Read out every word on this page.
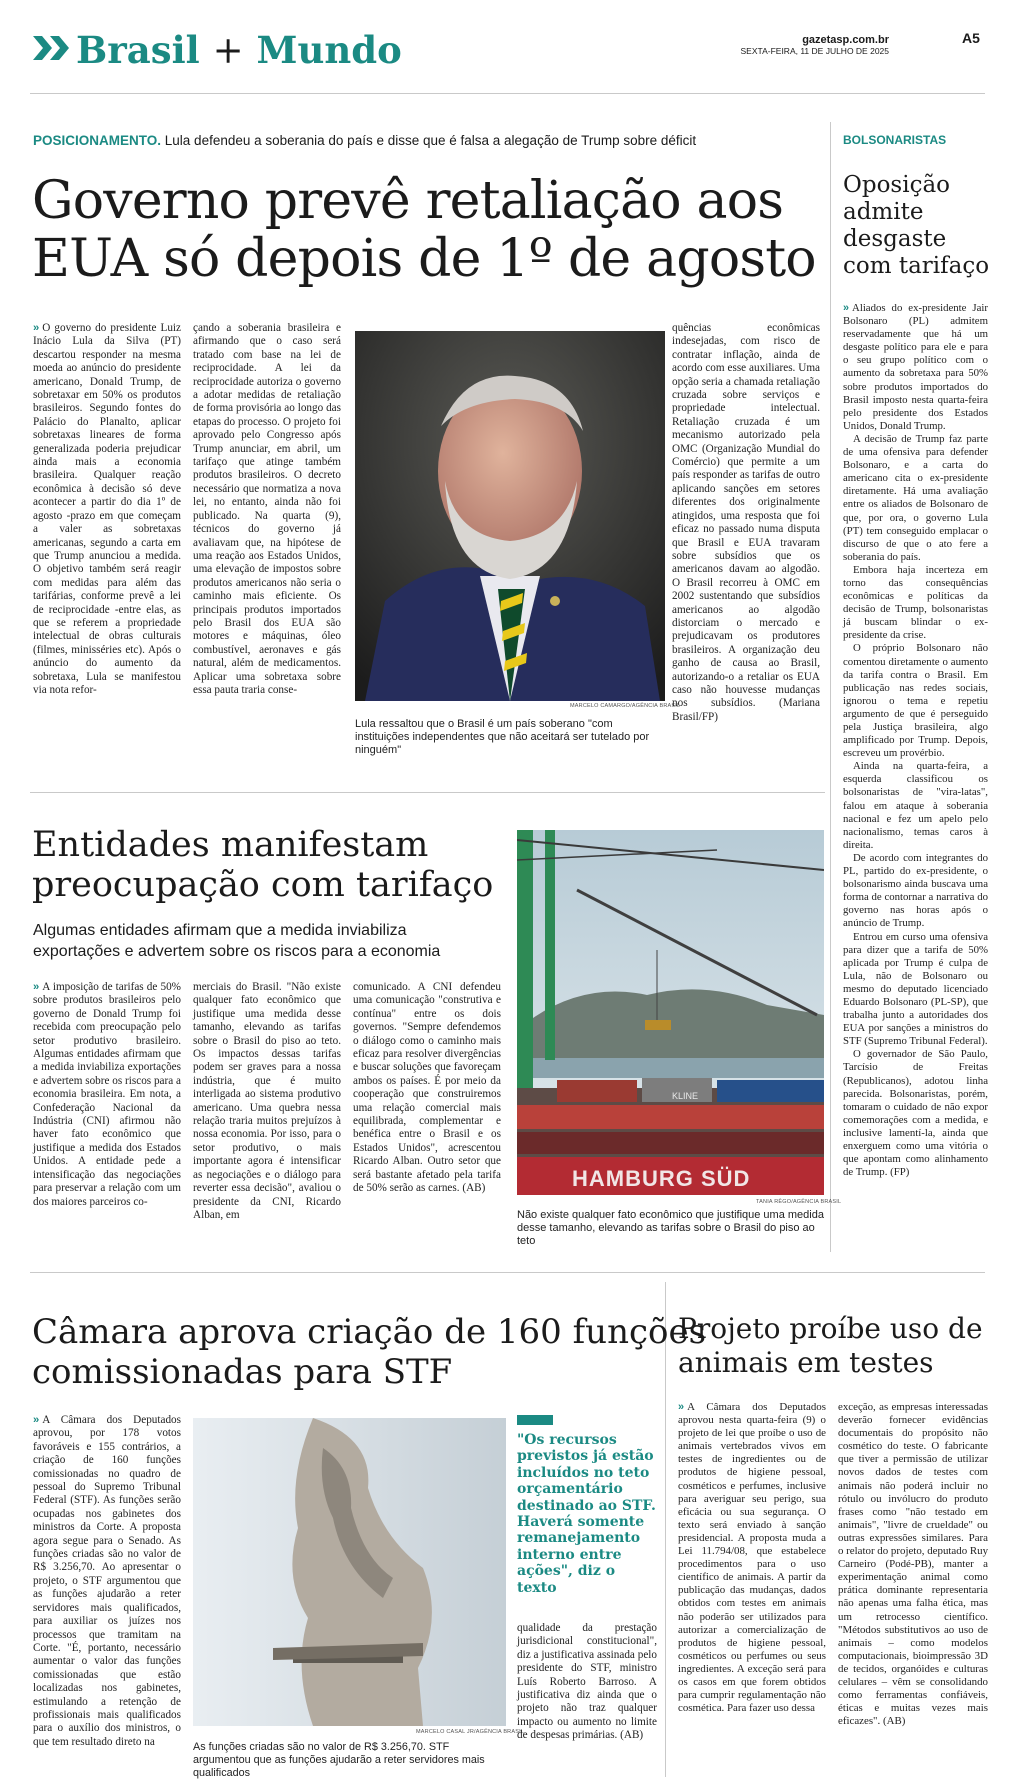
Brasil + Mundo	gazetasp.com.br
SEXTA-FEIRA, 11 DE JULHO DE 2025
A5
POSICIONAMENTO. Lula defendeu a soberania do país e disse que é falsa a alegação de Trump sobre déficit
Governo prevê retaliação aos
EUA só depois de 1º de agosto

» O governo do presidente Luiz Inácio Lula da Silva (PT) descartou responder na mesma moeda ao anúncio do presidente americano, Donald Trump, de sobretaxar em 50% os produtos brasileiros. Segundo fontes do Palácio do Planalto, aplicar sobretaxas lineares de forma generalizada poderia prejudicar ainda mais a economia brasileira. Qualquer reação econômica à decisão só deve acontecer a partir do dia 1º de agosto -prazo em que começam a valer as sobretaxas americanas, segundo a carta em que Trump anunciou a medida. O objetivo também será reagir com medidas para além das tarifárias, conforme prevê a lei de reciprocidade -entre elas, as que se referem a propriedade intelectual de obras culturais (filmes, minisséries etc). Após o anúncio do aumento da sobretaxa, Lula se manifestou via nota refor-

çando a soberania brasileira e afirmando que o caso será tratado com base na lei de reciprocidade. A lei da reciprocidade autoriza o governo a adotar medidas de retaliação de forma provisória ao longo das etapas do processo. O projeto foi aprovado pelo Congresso após Trump anunciar, em abril, um tarifaço que atinge também produtos brasileiros. O decreto necessário que normatiza a nova lei, no entanto, ainda não foi publicado. Na quarta (9), técnicos do governo já avaliavam que, na hipótese de uma reação aos Estados Unidos, uma elevação de impostos sobre produtos americanos não seria o caminho mais eficiente. Os principais produtos importados pelo Brasil dos EUA são motores e máquinas, óleo combustível, aeronaves e gás natural, além de medicamentos. Aplicar uma sobretaxa sobre essa pauta traria conse-

MARCELO CAMARGO/AGÊNCIA BRASIL
Lula ressaltou que o Brasil é um país soberano "com instituições independentes que não aceitará ser tutelado por ninguém"

quências econômicas indesejadas, com risco de contratar inflação, ainda de acordo com esse auxiliares. Uma opção seria a chamada retaliação cruzada sobre serviços e propriedade intelectual. Retaliação cruzada é um mecanismo autorizado pela OMC (Organização Mundial do Comércio) que permite a um país responder as tarifas de outro aplicando sanções em setores diferentes dos originalmente atingidos, uma resposta que foi eficaz no passado numa disputa que Brasil e EUA travaram sobre subsídios que os americanos davam ao algodão. O Brasil recorreu à OMC em 2002 sustentando que subsídios americanos ao algodão distorciam o mercado e prejudicavam os produtores brasileiros. A organização deu ganho de causa ao Brasil, autorizando-o a retaliar os EUA caso não houvesse mudanças nos subsídios. (Mariana Brasil/FP)

BOLSONARISTAS
Oposição admite desgaste com tarifaço

» Aliados do ex-presidente Jair Bolsonaro (PL) admitem reservadamente que há um desgaste político para ele e para o seu grupo político com o aumento da sobretaxa para 50% sobre produtos importados do Brasil imposto nesta quarta-feira pelo presidente dos Estados Unidos, Donald Trump.

A decisão de Trump faz parte de uma ofensiva para defender Bolsonaro, e a carta do americano cita o ex-presidente diretamente. Há uma avaliação entre os aliados de Bolsonaro de que, por ora, o governo Lula (PT) tem conseguido emplacar o discurso de que o ato fere a soberania do país.

Embora haja incerteza em torno das consequências econômicas e políticas da decisão de Trump, bolsonaristas já buscam blindar o ex-presidente da crise.

O próprio Bolsonaro não comentou diretamente o aumento da tarifa contra o Brasil. Em publicação nas redes sociais, ignorou o tema e repetiu argumento de que é perseguido pela Justiça brasileira, algo amplificado por Trump. Depois, escreveu um provérbio.

Ainda na quarta-feira, a esquerda classificou os bolsonaristas de "vira-latas", falou em ataque à soberania nacional e fez um apelo pelo nacionalismo, temas caros à direita.

De acordo com integrantes do PL, partido do ex-presidente, o bolsonarismo ainda buscava uma forma de contornar a narrativa do governo nas horas após o anúncio de Trump.

Entrou em curso uma ofensiva para dizer que a tarifa de 50% aplicada por Trump é culpa de Lula, não de Bolsonaro ou mesmo do deputado licenciado Eduardo Bolsonaro (PL-SP), que trabalha junto a autoridades dos EUA por sanções a ministros do STF (Supremo Tribunal Federal).

O governador de São Paulo, Tarcísio de Freitas (Republicanos), adotou linha parecida. Bolsonaristas, porém, tomaram o cuidado de não expor comemorações com a medida, e inclusive lamentí-la, ainda que enxerguem como uma vitória o que apontam como alinhamento de Trump. (FP)

Entidades manifestam
preocupação com tarifaço
Algumas entidades afirmam que a medida inviabiliza
exportações e advertem sobre os riscos para a economia

» A imposição de tarifas de 50% sobre produtos brasileiros pelo governo de Donald Trump foi recebida com preocupação pelo setor produtivo brasileiro. Algumas entidades afirmam que a medida inviabiliza exportações e advertem sobre os riscos para a economia brasileira. Em nota, a Confederação Nacional da Indústria (CNI) afirmou não haver fato econômico que justifique a medida dos Estados Unidos. A entidade pede a intensificação das negociações para preservar a relação com um dos maiores parceiros co-

merciais do Brasil. "Não existe qualquer fato econômico que justifique uma medida desse tamanho, elevando as tarifas sobre o Brasil do piso ao teto. Os impactos dessas tarifas podem ser graves para a nossa indústria, que é muito interligada ao sistema produtivo americano. Uma quebra nessa relação traria muitos prejuízos à nossa economia. Por isso, para o setor produtivo, o mais importante agora é intensificar as negociações e o diálogo para reverter essa decisão", avaliou o presidente da CNI, Ricardo Alban, em

comunicado. A CNI defendeu uma comunicação "construtiva e contínua" entre os dois governos. "Sempre defendemos o diálogo como o caminho mais eficaz para resolver divergências e buscar soluções que favoreçam ambos os países. É por meio da cooperação que construiremos uma relação comercial mais equilibrada, complementar e benéfica entre o Brasil e os Estados Unidos", acrescentou Ricardo Alban. Outro setor que será bastante afetado pela tarifa de 50% serão as carnes. (AB)

KLINE
HAMBURG SÜD
TANIA RÊGO/AGÊNCIA BRASIL
Não existe qualquer fato econômico que justifique uma medida desse tamanho, elevando as tarifas sobre o Brasil do piso ao teto
Câmara aprova criação de 160 funções
comissionadas para STF

» A Câmara dos Deputados aprovou, por 178 votos favoráveis e 155 contrários, a criação de 160 funções comissionadas no quadro de pessoal do Supremo Tribunal Federal (STF). As funções serão ocupadas nos gabinetes dos ministros da Corte. A proposta agora segue para o Senado. As funções criadas são no valor de R$ 3.256,70. Ao apresentar o projeto, o STF argumentou que as funções ajudarão a reter servidores mais qualificados, para auxiliar os juízes nos processos que tramitam na Corte. "É, portanto, necessário aumentar o valor das funções comissionadas que estão localizadas nos gabinetes, estimulando a retenção de profissionais mais qualificados para o auxílio dos ministros, o que tem resultado direto na

MARCELO CASAL JR/AGÊNCIA BRASIL
As funções criadas são no valor de R$ 3.256,70. STF argumentou que as funções ajudarão a reter servidores mais qualificados
"Os recursos previstos já estão incluídos no teto orçamentário destinado ao STF. Haverá somente remanejamento interno entre ações", diz o texto

qualidade da prestação jurisdicional constitucional", diz a justificativa assinada pelo presidente do STF, ministro Luís Roberto Barroso. A justificativa diz ainda que o projeto não traz qualquer impacto ou aumento no limite de despesas primárias. (AB)

Projeto proíbe uso de
animais em testes

» A Câmara dos Deputados aprovou nesta quarta-feira (9) o projeto de lei que proíbe o uso de animais vertebrados vivos em testes de ingredientes ou de produtos de higiene pessoal, cosméticos e perfumes, inclusive para averiguar seu perigo, sua eficácia ou sua segurança. O texto será enviado à sanção presidencial. A proposta muda a Lei 11.794/08, que estabelece procedimentos para o uso científico de animais. A partir da publicação das mudanças, dados obtidos com testes em animais não poderão ser utilizados para autorizar a comercialização de produtos de higiene pessoal, cosméticos ou perfumes ou seus ingredientes. A exceção será para os casos em que forem obtidos para cumprir regulamentação não cosmética. Para fazer uso dessa

exceção, as empresas interessadas deverão fornecer evidências documentais do propósito não cosmético do teste. O fabricante que tiver a permissão de utilizar novos dados de testes com animais não poderá incluir no rótulo ou invólucro do produto frases como "não testado em animais", "livre de crueldade" ou outras expressões similares. Para o relator do projeto, deputado Ruy Carneiro (Podé-PB), manter a experimentação animal como prática dominante representaria não apenas uma falha ética, mas um retrocesso científico. "Métodos substitutivos ao uso de animais – como modelos computacionais, bioimpressão 3D de tecidos, organóides e culturas celulares – vêm se consolidando como ferramentas confiáveis, éticas e muitas vezes mais eficazes". (AB)
